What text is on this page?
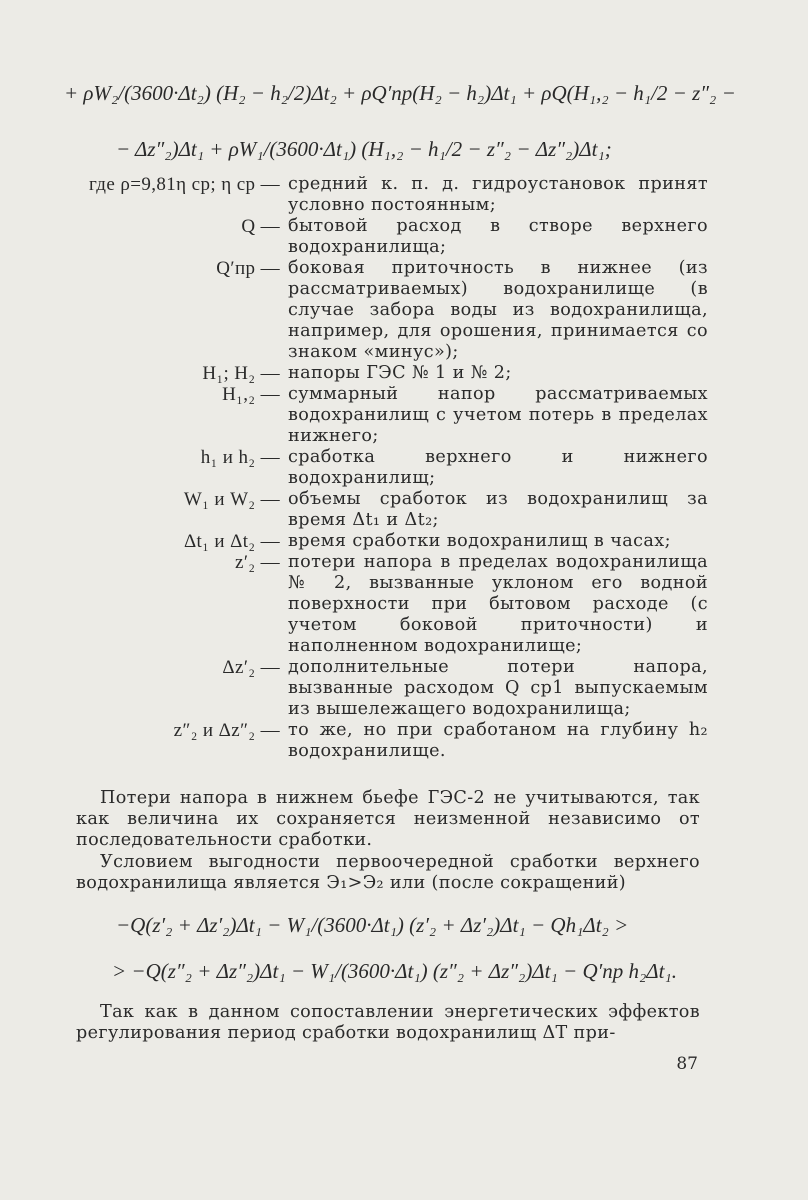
+ ρW₂/(3600·Δt₂) (H₂ − h₂/2)Δt₂ + ρQ′пр(H₂ − h₂)Δt₁ + ρQ(H₁,₂ − h₁/2 − z″₂ −
− Δz″₂)Δt₁ + ρW₁/(3600·Δt₁) (H₁,₂ − h₁/2 − z″₂ − Δz″₂)Δt₁;
где ρ=9,81η cp; η cp — средний к. п. д. гидроустановок принят условно постоянным;
Q — бытовой расход в створе верхнего водохранилища;
Q′пр — боковая приточность в нижнее (из рассматриваемых) водохранилище (в случае забора воды из водохранилища, например, для орошения, принимается со знаком «минус»);
H₁; H₂ — напоры ГЭС № 1 и № 2;
H₁,₂ — суммарный напор рассматриваемых водохранилищ с учетом потерь в пределах нижнего;
h₁ и h₂ — сработка верхнего и нижнего водохранилищ;
W₁ и W₂ — объемы сработок из водохранилищ за время Δt₁ и Δt₂;
Δt₁ и Δt₂ — время сработки водохранилищ в часах;
z′₂ — потери напора в пределах водохранилища № 2, вызванные уклоном его водной поверхности при бытовом расходе (с учетом боковой приточности) и наполненном водохранилище;
Δz′₂ — дополнительные потери напора, вызванные расходом Q cp1 выпускаемым из вышележащего водохранилища;
z″₂ и Δz″₂ — то же, но при сработаном на глубину h₂ водохранилище.
Потери напора в нижнем бьефе ГЭС-2 не учитываются, так как величина их сохраняется неизменной независимо от последовательности сработки.
Условием выгодности первоочередной сработки верхнего водохранилища является Э₁>Э₂ или (после сокращений)
−Q(z′₂ + Δz′₂)Δt₁ − W₁/(3600·Δt₁) (z′₂ + Δz′₂)Δt₁ − Qh₁Δt₂ >
> −Q(z″₂ + Δz″₂)Δt₁ − W₁/(3600·Δt₁) (z″₂ + Δz″₂)Δt₁ − Q′пр h₂Δt₁.
Так как в данном сопоставлении энергетических эффектов регулирования период сработки водохранилищ ΔT при-
87
